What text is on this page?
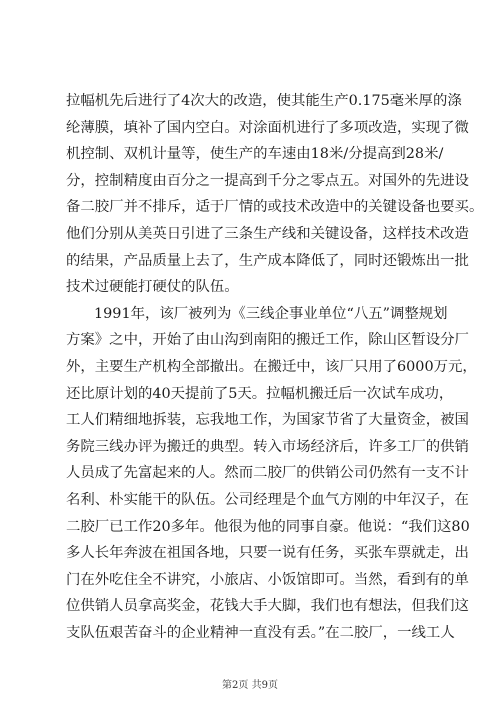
拉幅机先后进行了4次大的改造，使其能生产0.175毫米厚的涤
纶薄膜，填补了国内空白。对涂面机进行了多项改造，实现了微
机控制、双机计量等，使生产的车速由18米/分提高到28米/
分，控制精度由百分之一提高到千分之零点五。对国外的先进设
备二胶厂并不排斥，适于厂情的或技术改造中的关键设备也要买。
他们分别从美英日引进了三条生产线和关键设备，这样技术改造
的结果，产品质量上去了，生产成本降低了，同时还锻炼出一批
技术过硬能打硬仗的队伍。
1991年，该厂被列为《三线企事业单位“八五”调整规划
方案》之中，开始了由山沟到南阳的搬迁工作，除山区暂设分厂
外，主要生产机构全部撤出。在搬迁中，该厂只用了6000万元，
还比原计划的40天提前了5天。拉幅机搬迁后一次试车成功，
工人们精细地拆装，忘我地工作，为国家节省了大量资金，被国
务院三线办评为搬迁的典型。转入市场经济后，许多工厂的供销
人员成了先富起来的人。然而二胶厂的供销公司仍然有一支不计
名利、朴实能干的队伍。公司经理是个血气方刚的中年汉子，在
二胶厂已工作20多年。他很为他的同事自豪。他说：“我们这80
多人长年奔波在祖国各地，只要一说有任务，买张车票就走，出
门在外吃住全不讲究，小旅店、小饭馆即可。当然，看到有的单
位供销人员拿高奖金，花钱大手大脚，我们也有想法，但我们这
支队伍艰苦奋斗的企业精神一直没有丢。”在二胶厂，一线工人
第2页 共9页
